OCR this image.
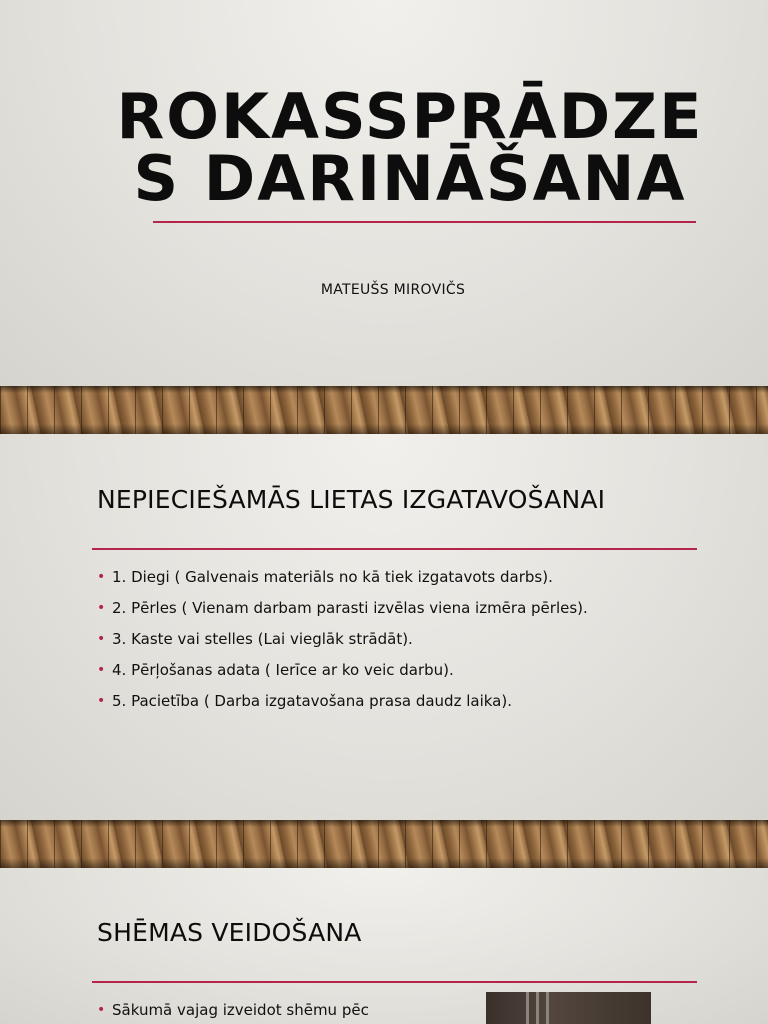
ROKASSPRĀDZE
S DARINĀŠANA
MATEUŠS MIROVIČS
NEPIECIEŠAMĀS LIETAS IZGATAVOŠANAI
• 1. Diegi ( Galvenais materiāls no kā tiek izgatavots darbs).
• 2. Pērles ( Vienam darbam parasti izvēlas viena izmēra pērles).
• 3. Kaste vai stelles (Lai vieglāk strādāt).
• 4. Pērļošanas adata ( Ierīce ar ko veic darbu).
• 5. Pacietība ( Darba izgatavošana prasa daudz laika).
SHĒMAS VEIDOŠANA
• Sākumā vajag izveidot shēmu pēc
